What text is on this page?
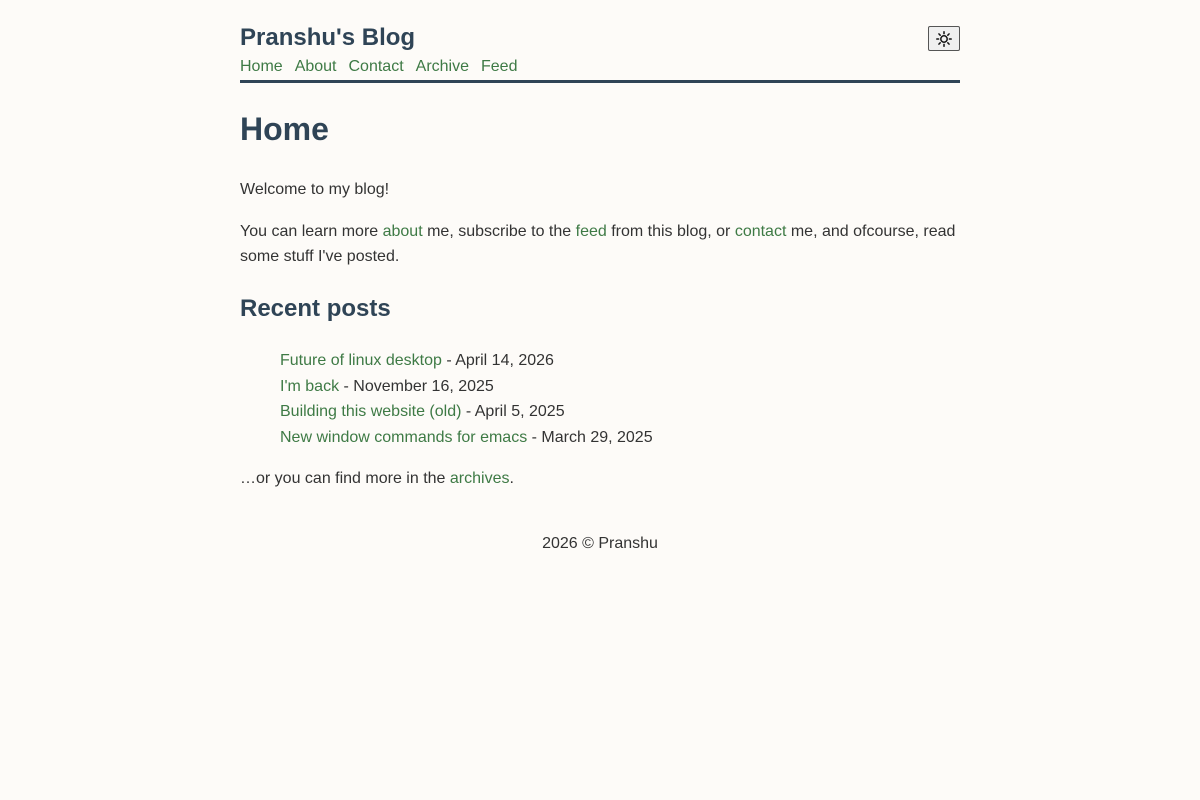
Pranshu's Blog
Home About Contact Archive Feed
Home

Welcome to my blog!

You can learn more about me, subscribe to the feed from this blog, or contact me, and ofcourse, read some stuff I've posted.

Recent posts
Future of linux desktop - April 14, 2026
I'm back - November 16, 2025
Building this website (old) - April 5, 2025
New window commands for emacs - March 29, 2025

…or you can find more in the archives.

2026 © Pranshu
